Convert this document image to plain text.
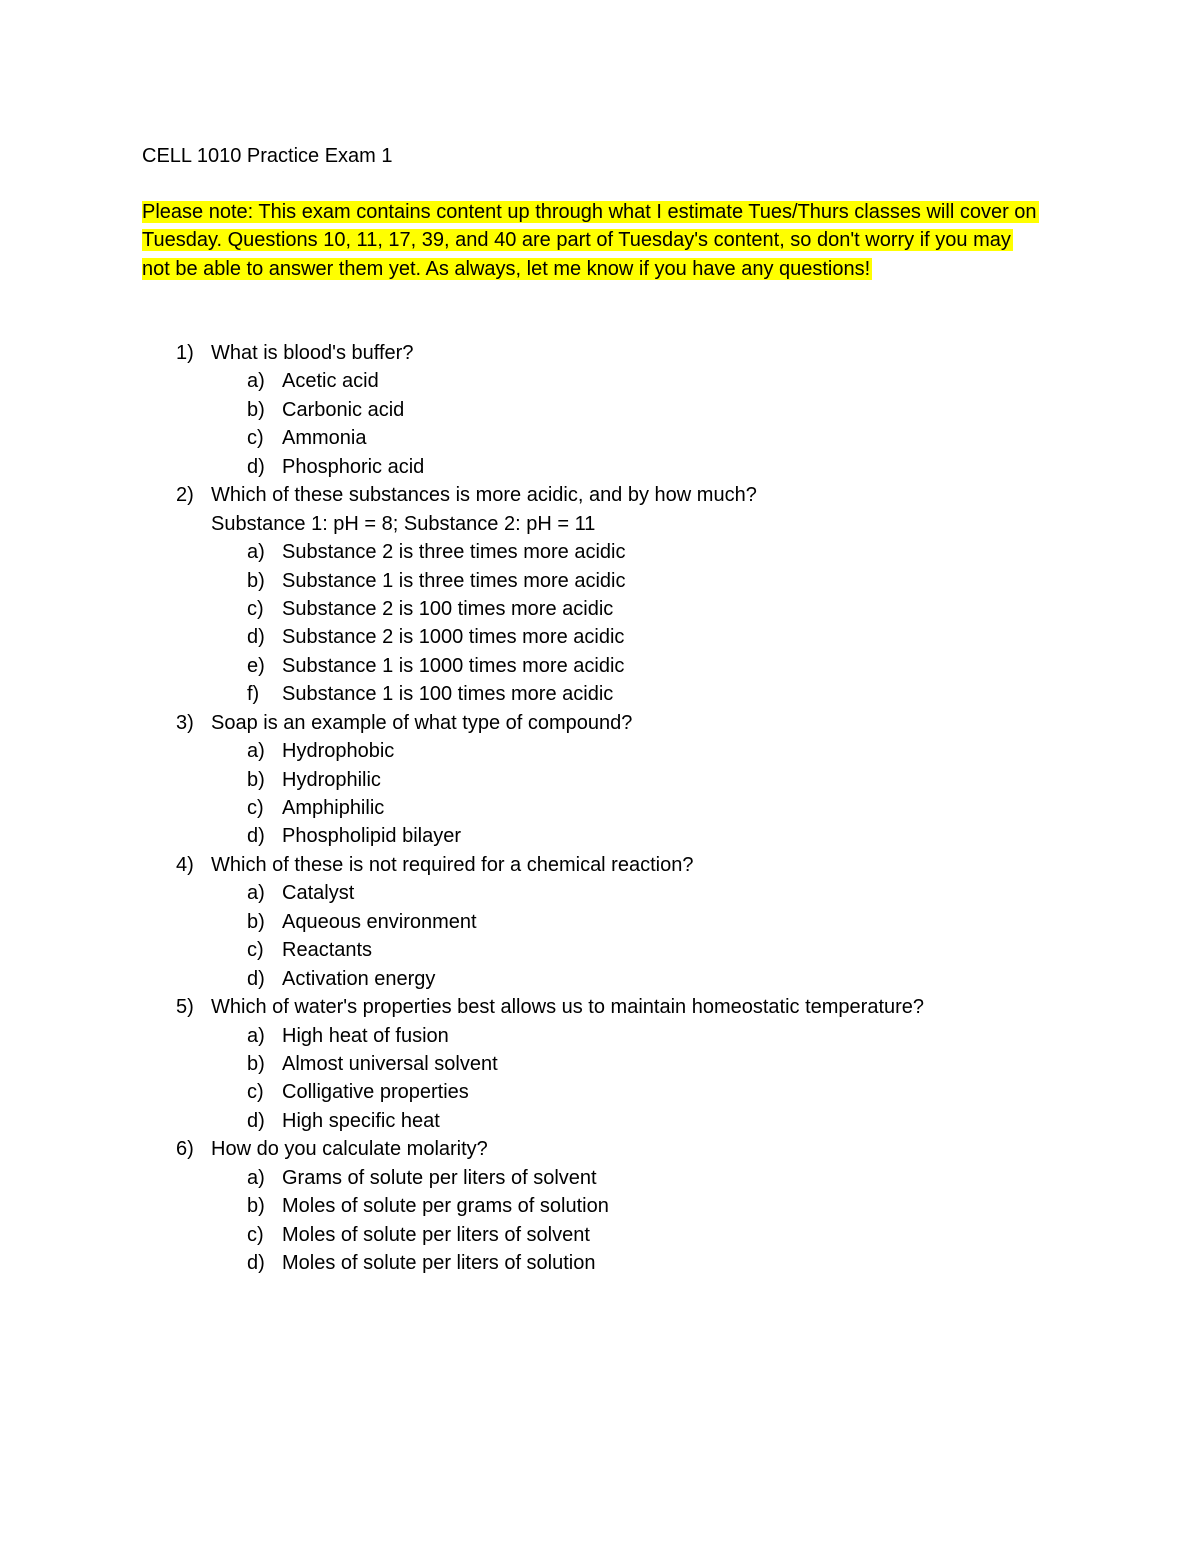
CELL 1010 Practice Exam 1
Please note: This exam contains content up through what I estimate Tues/Thurs classes will cover on Tuesday. Questions 10, 11, 17, 39, and 40 are part of Tuesday's content, so don't worry if you may not be able to answer them yet. As always, let me know if you have any questions!
1) What is blood's buffer?
a) Acetic acid
b) Carbonic acid
c) Ammonia
d) Phosphoric acid
2) Which of these substances is more acidic, and by how much?
Substance 1: pH = 8; Substance 2: pH = 11
a) Substance 2 is three times more acidic
b) Substance 1 is three times more acidic
c) Substance 2 is 100 times more acidic
d) Substance 2 is 1000 times more acidic
e) Substance 1 is 1000 times more acidic
f) Substance 1 is 100 times more acidic
3) Soap is an example of what type of compound?
a) Hydrophobic
b) Hydrophilic
c) Amphiphilic
d) Phospholipid bilayer
4) Which of these is not required for a chemical reaction?
a) Catalyst
b) Aqueous environment
c) Reactants
d) Activation energy
5) Which of water's properties best allows us to maintain homeostatic temperature?
a) High heat of fusion
b) Almost universal solvent
c) Colligative properties
d) High specific heat
6) How do you calculate molarity?
a) Grams of solute per liters of solvent
b) Moles of solute per grams of solution
c) Moles of solute per liters of solvent
d) Moles of solute per liters of solution
